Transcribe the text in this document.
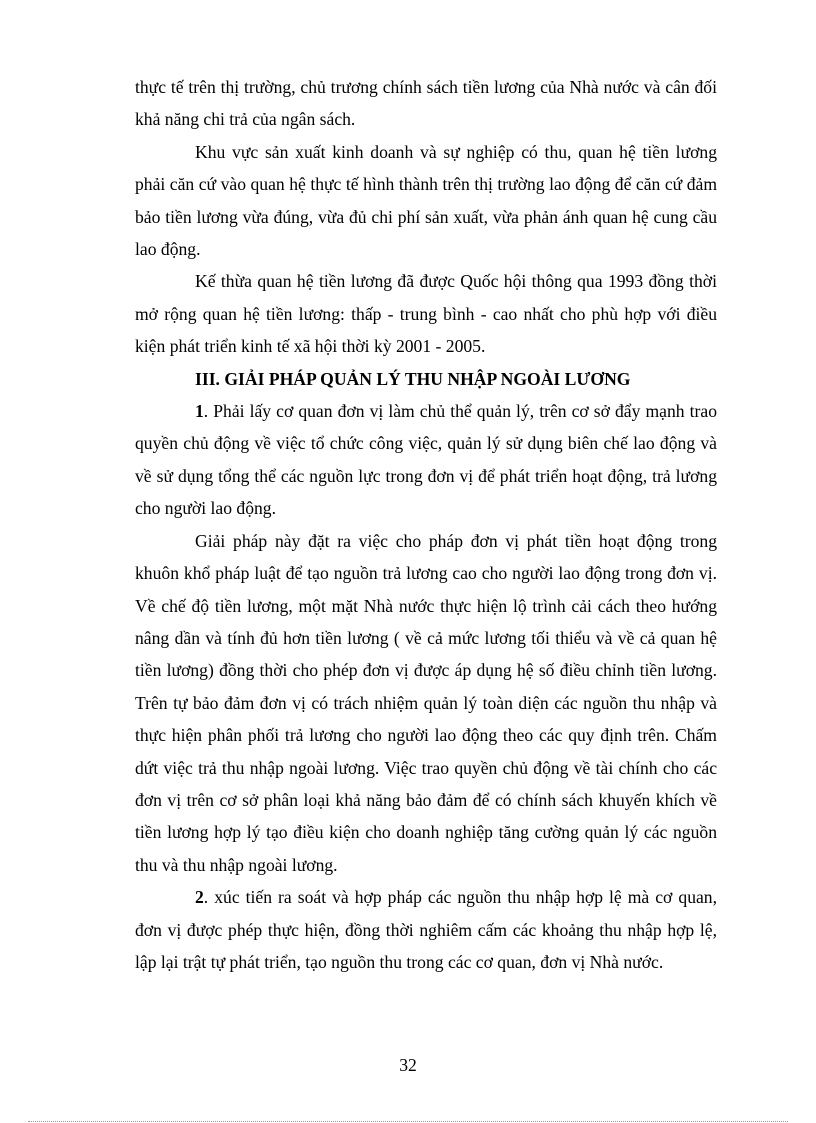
thực tế trên thị trường, chủ trương chính sách tiền lương của Nhà nước và cân đối khả năng chi trả của ngân sách.

Khu vực sản xuất kinh doanh và sự nghiệp có thu, quan hệ tiền lương phải căn cứ vào quan hệ thực tế hình thành trên thị trường lao động để căn cứ đảm bảo tiền lương vừa đúng, vừa đủ chi phí sản xuất, vừa phản ánh quan hệ cung cầu lao động.

Kế thừa quan hệ tiền lương đã được Quốc hội thông qua 1993 đồng thời mở rộng quan hệ tiền lương: thấp - trung bình - cao nhất cho phù hợp với điều kiện phát triển kinh tế xã hội thời kỳ 2001 - 2005.

III. GIẢI PHÁP QUẢN LÝ THU NHẬP NGOÀI LƯƠNG

1. Phải lấy cơ quan đơn vị làm chủ thể quản lý, trên cơ sở đẩy mạnh trao quyền chủ động về việc tổ chức công việc, quản lý sử dụng biên chế lao động và về sử dụng tổng thể các nguồn lực trong đơn vị để phát triển hoạt động, trả lương cho người lao động.

Giải pháp này đặt ra việc cho pháp đơn vị phát tiền hoạt động trong khuôn khổ pháp luật để tạo nguồn trả lương cao cho người lao động trong đơn vị. Về chế độ tiền lương, một mặt Nhà nước thực hiện lộ trình cải cách theo hướng nâng dần và tính đủ hơn tiền lương ( về cả mức lương tối thiểu và về cả quan hệ tiền lương) đồng thời cho phép đơn vị được áp dụng hệ số điều chỉnh tiền lương. Trên tự bảo đảm đơn vị có trách nhiệm quản lý toàn diện các nguồn thu nhập và thực hiện phân phối trả lương cho người lao động theo các quy định trên. Chấm dứt việc trả thu nhập ngoài lương. Việc trao quyền chủ động về tài chính cho các đơn vị trên cơ sở phân loại khả năng bảo đảm để có chính sách khuyến khích về tiền lương hợp lý tạo điều kiện cho doanh nghiệp tăng cường quản lý các nguồn thu và thu nhập ngoài lương.

2. xúc tiến ra soát và hợp pháp các nguồn thu nhập hợp lệ mà cơ quan, đơn vị được phép thực hiện, đồng thời nghiêm cấm các khoảng thu nhập hợp lệ, lập lại trật tự phát triển, tạo nguồn thu trong các cơ quan, đơn vị Nhà nước.

32
